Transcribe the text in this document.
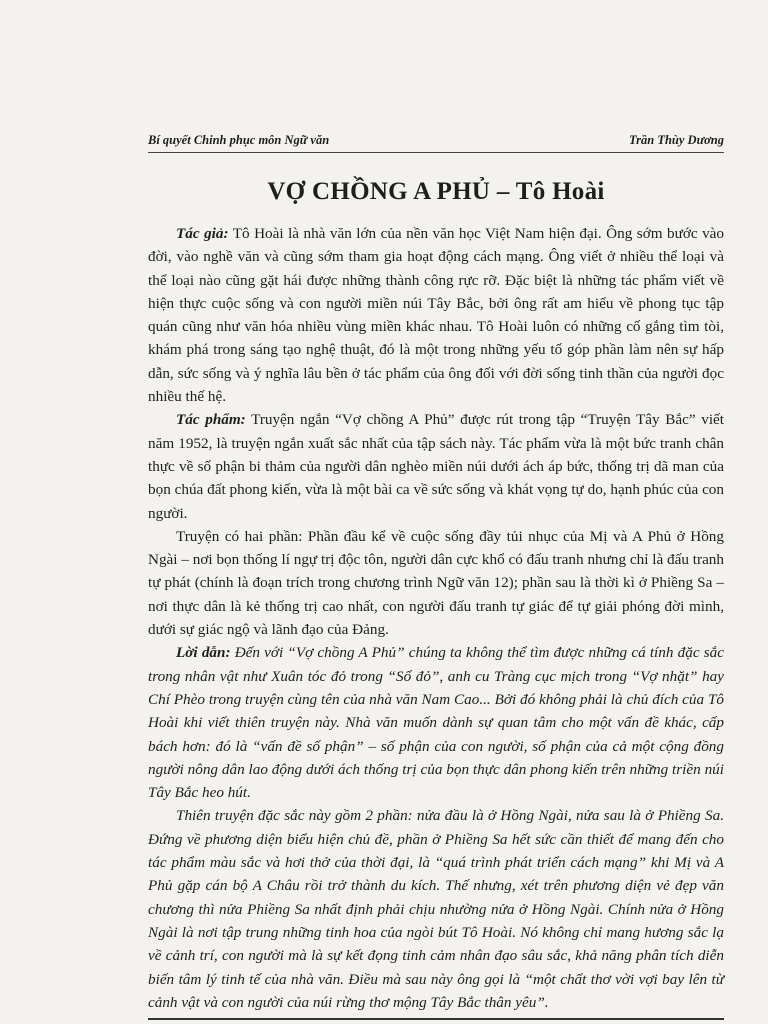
Bí quyết Chinh phục môn Ngữ văn	Trần Thùy Dương
VỢ CHỒNG A PHỦ – Tô Hoài

Tác giả: Tô Hoài là nhà văn lớn của nền văn học Việt Nam hiện đại. Ông sớm bước vào đời, vào nghề văn và cũng sớm tham gia hoạt động cách mạng. Ông viết ở nhiều thể loại và thể loại nào cũng gặt hái được những thành công rực rỡ. Đặc biệt là những tác phẩm viết về hiện thực cuộc sống và con người miền núi Tây Bắc, bởi ông rất am hiểu về phong tục tập quán cũng như văn hóa nhiều vùng miền khác nhau. Tô Hoài luôn có những cố gắng tìm tòi, khám phá trong sáng tạo nghệ thuật, đó là một trong những yếu tố góp phần làm nên sự hấp dẫn, sức sống và ý nghĩa lâu bền ở tác phẩm của ông đối với đời sống tinh thần của người đọc nhiều thế hệ.

Tác phẩm: Truyện ngắn “Vợ chồng A Phủ” được rút trong tập “Truyện Tây Bắc” viết năm 1952, là truyện ngắn xuất sắc nhất của tập sách này. Tác phẩm vừa là một bức tranh chân thực về số phận bi thảm của người dân nghèo miền núi dưới ách áp bức, thống trị dã man của bọn chúa đất phong kiến, vừa là một bài ca về sức sống và khát vọng tự do, hạnh phúc của con người.

Truyện có hai phần: Phần đầu kể về cuộc sống đầy tủi nhục của Mị và A Phủ ở Hồng Ngài – nơi bọn thống lí ngự trị độc tôn, người dân cực khổ có đấu tranh nhưng chỉ là đấu tranh tự phát (chính là đoạn trích trong chương trình Ngữ văn 12); phần sau là thời kì ở Phiềng Sa – nơi thực dân là kẻ thống trị cao nhất, con người đấu tranh tự giác để tự giải phóng đời mình, dưới sự giác ngộ và lãnh đạo của Đảng.

Lời dẫn: Đến với “Vợ chồng A Phủ” chúng ta không thể tìm được những cá tính đặc sắc trong nhân vật như Xuân tóc đỏ trong “Số đỏ”, anh cu Tràng cục mịch trong “Vợ nhặt” hay Chí Phèo trong truyện cùng tên của nhà văn Nam Cao... Bởi đó không phải là chủ đích của Tô Hoài khi viết thiên truyện này. Nhà văn muốn dành sự quan tâm cho một vấn đề khác, cấp bách hơn: đó là “vấn đề số phận” – số phận của con người, số phận của cả một cộng đồng người nông dân lao động dưới ách thống trị của bọn thực dân phong kiến trên những triền núi Tây Bắc heo hút.

Thiên truyện đặc sắc này gồm 2 phần: nửa đầu là ở Hồng Ngài, nửa sau là ở Phiềng Sa. Đứng về phương diện biểu hiện chủ đề, phần ở Phiềng Sa hết sức cần thiết để mang đến cho tác phẩm màu sắc và hơi thở của thời đại, là “quá trình phát triển cách mạng” khi Mị và A Phủ gặp cán bộ A Châu rồi trở thành du kích. Thế nhưng, xét trên phương diện vẻ đẹp văn chương thì nửa Phiềng Sa nhất định phải chịu nhường nửa ở Hồng Ngài. Chính nửa ở Hồng Ngài là nơi tập trung những tinh hoa của ngòi bút Tô Hoài. Nó không chỉ mang hương sắc lạ về cảnh trí, con người mà là sự kết đọng tinh cảm nhân đạo sâu sắc, khả năng phân tích diễn biến tâm lý tinh tế của nhà văn. Điều mà sau này ông gọi là “một chất thơ vời vợi bay lên từ cảnh vật và con người của núi rừng thơ mộng Tây Bắc thân yêu”.
